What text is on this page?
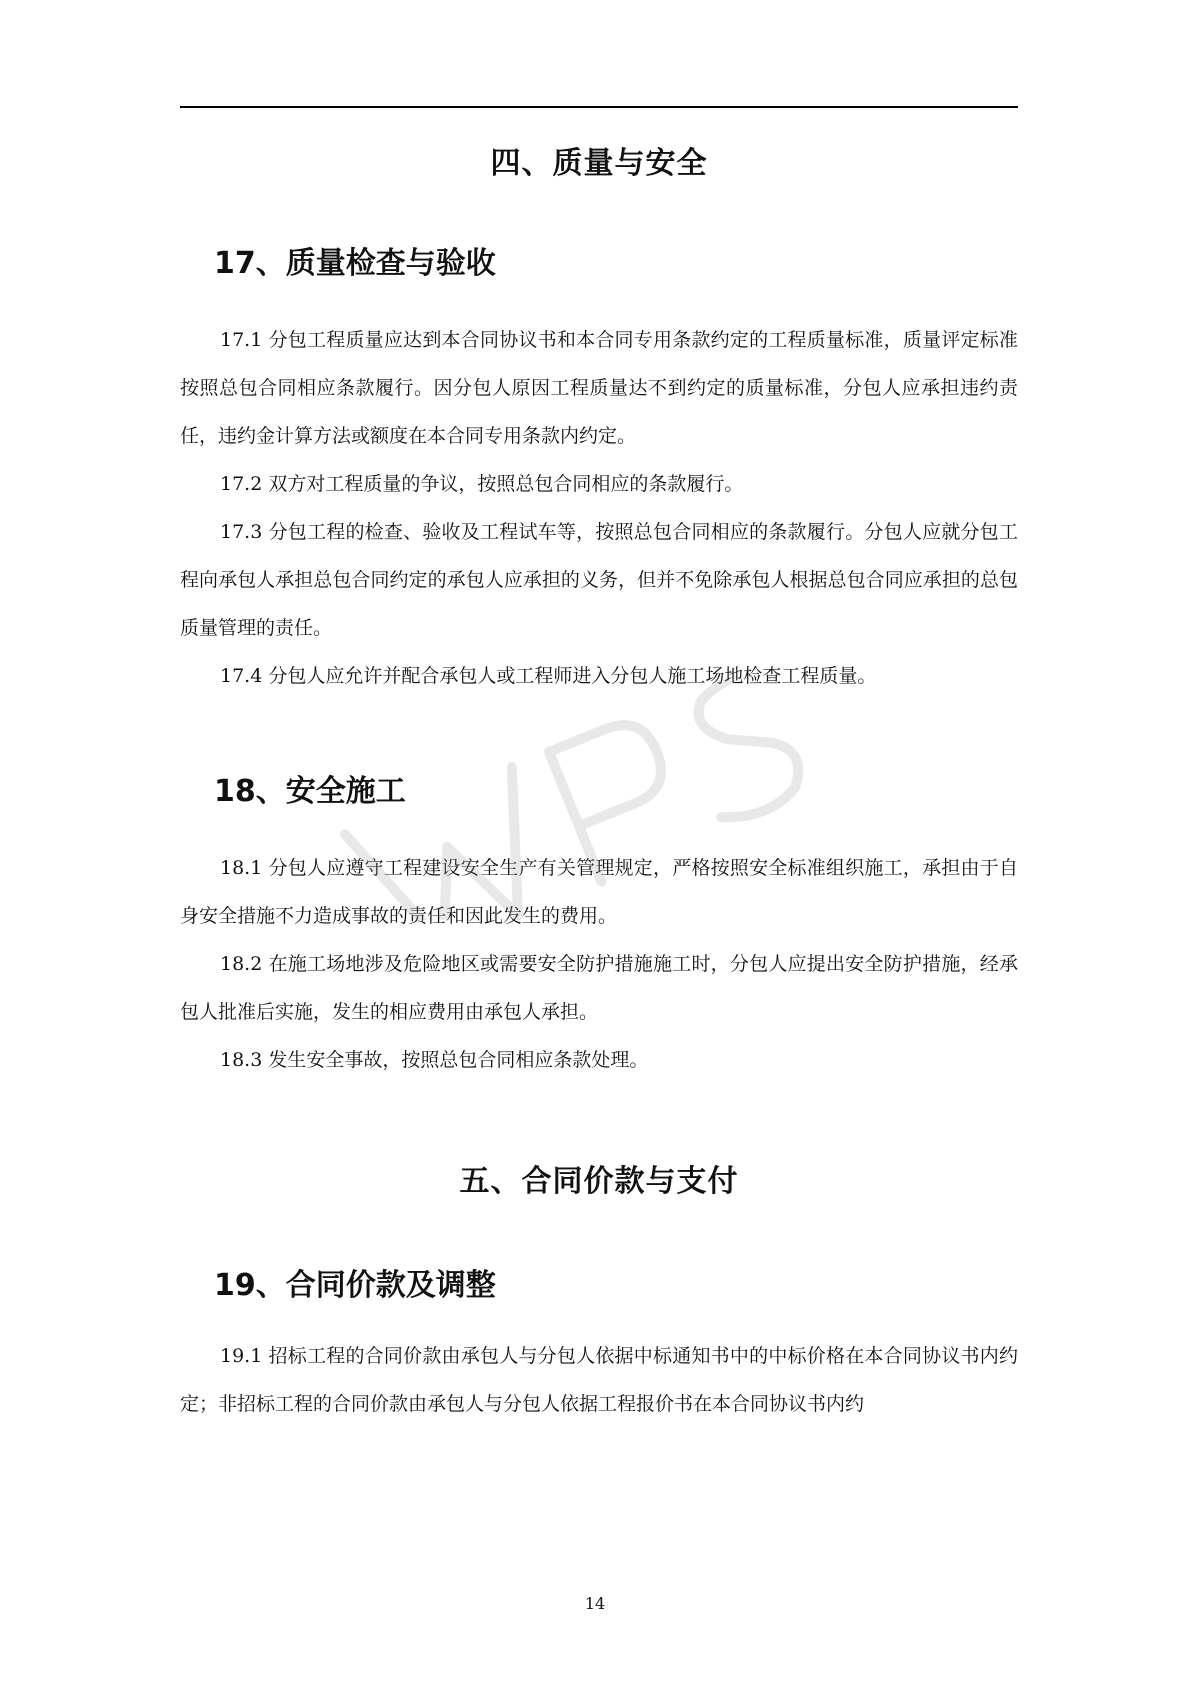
四、质量与安全
17、质量检查与验收

17.1 分包工程质量应达到本合同协议书和本合同专用条款约定的工程质量标准，质量评定标准按照总包合同相应条款履行。因分包人原因工程质量达不到约定的质量标准，分包人应承担违约责任，违约金计算方法或额度在本合同专用条款内约定。

17.2 双方对工程质量的争议，按照总包合同相应的条款履行。

17.3 分包工程的检查、验收及工程试车等，按照总包合同相应的条款履行。分包人应就分包工程向承包人承担总包合同约定的承包人应承担的义务，但并不免除承包人根据总包合同应承担的总包质量管理的责任。

17.4 分包人应允许并配合承包人或工程师进入分包人施工场地检查工程质量。

18、安全施工

18.1 分包人应遵守工程建设安全生产有关管理规定，严格按照安全标准组织施工，承担由于自身安全措施不力造成事故的责任和因此发生的费用。

18.2 在施工场地涉及危险地区或需要安全防护措施施工时，分包人应提出安全防护措施，经承包人批准后实施，发生的相应费用由承包人承担。

18.3 发生安全事故，按照总包合同相应条款处理。

五、合同价款与支付
19、合同价款及调整

19.1 招标工程的合同价款由承包人与分包人依据中标通知书中的中标价格在本合同协议书内约定；非招标工程的合同价款由承包人与分包人依据工程报价书在本合同协议书内约

14
